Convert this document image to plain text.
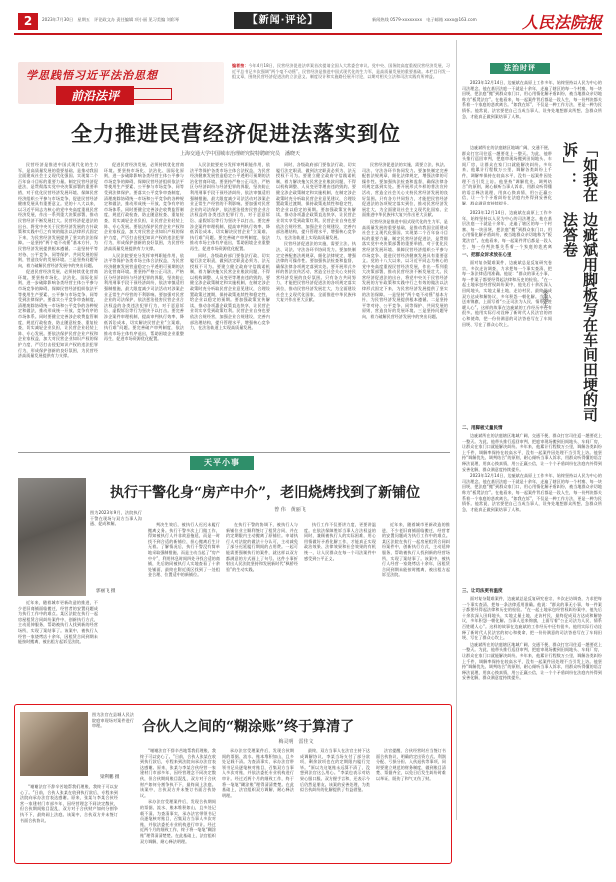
2	2023年7月30日　星期五　评论政文办 责任编辑 项小丽 见习美编 刘彩琴	【新闻·评论】	新闻热线 0579-xxxxxxxx　电子邮箱 xxxx@163.com	人民法院报
学思践悟习近平法治思想
前沿法评
编者按：今年4月18日，民营经济促进法草案首次提请全国人大常委会审议。党中央、国务院高度重视民营经济发展，习近平总书记多次强调“两个毫不动摇”。民营经济是推进中国式现代化的生力军，是高质量发展的重要基础。本栏目刊发一组文章，围绕民营经济促进法的立法意义、制度设计和实施路径展开讨论，以期对相关立法和司法实践有所裨益。
全力推进民营经济促进法落实到位
上海交通大学中国城市治理研究院特聘研究员　潘晓天

民营经济是推进中国式现代化的生力军，是高质量发展的重要基础，是推动我国全面建成社会主义现代化强国、实现第二个百年奋斗目标的重要力量。制定民营经济促进法，是贯彻落实党中央决策部署的重要举措，对于优化民营经济发展环境、保障民营经济组织公平参与市场竞争、促进民营经济健康发展具有重要意义。党的十八大以来，以习近平同志为核心的党中央高度重视民营经济发展，作出一系列重大决策部署，推动民营经济不断发展壮大。民营经济促进法的出台，将党中央关于民营经济发展的方针政策和实践中行之有效的做法以法律形式固定下来，为民营经济发展提供了坚实的法治保障。一是坚持“两个毫不动摇”基本方针，为民营经济发展提供根本遵循。二是坚持平等对待、公平竞争、同等保护、共同发展的原则，营造良好的发展环境。三是坚持问题导向，着力破解民营经济发展中的突出问题。

促进民营经济发展，必须持续优化营商环境。要坚持市场化、法治化、国际化原则，进一步破除影响各类经营主体公平参与市场竞争的障碍，保障民营经济组织依法平等使用生产要素、公平参与市场竞争、同等受到法律保护。要落实公平竞争审查制度，清理废除妨碍统一市场和公平竞争的各种规定和做法，推动形成统一开放、竞争有序的市场体系。同时要健全完善涉企收费监管制度，规范行政检查，防止随意检查、重复检查，切实减轻企业负担，让民营企业轻装上阵、专心发展。要依法保护民营企业产权和企业家权益，加大对民营企业知识产权的保护力度，严厉打击侵犯知识产权的违法犯罪行为，形成保护创新的良好氛围，为民营经济高质量发展提供有力支撑。

促进民营经济发展，必须持续优化营商环境。要坚持市场化、法治化、国际化原则，进一步破除影响各类经营主体公平参与市场竞争的障碍，保障民营经济组织依法平等使用生产要素、公平参与市场竞争、同等受到法律保护。要落实公平竞争审查制度，清理废除妨碍统一市场和公平竞争的各种规定和做法，推动形成统一开放、竞争有序的市场体系。同时要健全完善涉企收费监管制度，规范行政检查，防止随意检查、重复检查，切实减轻企业负担，让民营企业轻装上阵、专心发展。要依法保护民营企业产权和企业家权益，加大对民营企业知识产权的保护力度，严厉打击侵犯知识产权的违法犯罪行为，形成保护创新的良好氛围，为民营经济高质量发展提供有力支撑。

人民法院要充分发挥审判职能作用，依法平等保护各类市场主体合法权益，为民营经济健康发展营造稳定公平透明可预期的法治化营商环境。要坚持严格公正司法，严格区分经济纠纷与经济犯罪的界限，坚决防止利用刑事手段干预经济纠纷，依法审慎适用强制措施，最大限度减少司法活动对涉案企业正常生产经营的不利影响。要加强对民营企业的司法保护，依法惩治侵害民营企业合法权益的各类违法犯罪行为，对于恶意诉讼、虚假诉讼等行为坚决予以打击。要完善涉企案件审理机制，提高审判执行效率，降低诉讼成本，切实解决民营企业“立案难、执行难”问题。要完善破产审判制度，依法推动市场主体有序退出，帮助困境企业重整再生，促进市场资源优化配置。

人民法院要充分发挥审判职能作用，依法平等保护各类市场主体合法权益，为民营经济健康发展营造稳定公平透明可预期的法治化营商环境。要坚持严格公正司法，严格区分经济纠纷与经济犯罪的界限，坚决防止利用刑事手段干预经济纠纷，依法审慎适用强制措施，最大限度减少司法活动对涉案企业正常生产经营的不利影响。要加强对民营企业的司法保护，依法惩治侵害民营企业合法权益的各类违法犯罪行为，对于恶意诉讼、虚假诉讼等行为坚决予以打击。要完善涉企案件审理机制，提高审判执行效率，降低诉讼成本，切实解决民营企业“立案难、执行难”问题。要完善破产审判制度，依法推动市场主体有序退出，帮助困境企业重整再生，促进市场资源优化配置。

同时，各级政府部门要依法行政，切实履行法定职责，做到法定职责必须为、法无授权不可为。要建立健全政府守信践诺机制，着力解决拖欠民营企业账款问题，不得以机构调整、人员变更等理由违约毁约。要健全涉企政策制定和实施机制，在制定涉企政策时充分听取民营企业意见建议，合理设置政策过渡期，保持政策连续性和稳定性，给企业以稳定的预期。要加强政策宣传解读，推动各项惠企政策直达快享，让民营企业切实享受到政策红利。民营企业自身也要依法合规经营，加强企业合规建设，完善内部治理结构，提升管理水平，增强核心竞争力，在法治轨道上实现高质量发展。

同时，各级政府部门要依法行政，切实履行法定职责，做到法定职责必须为、法无授权不可为。要建立健全政府守信践诺机制，着力解决拖欠民营企业账款问题，不得以机构调整、人员变更等理由违约毁约。要健全涉企政策制定和实施机制，在制定涉企政策时充分听取民营企业意见建议，合理设置政策过渡期，保持政策连续性和稳定性，给企业以稳定的预期。要加强政策宣传解读，推动各项惠企政策直达快享，让民营企业切实享受到政策红利。民营企业自身也要依法合规经营，加强企业合规建设，完善内部治理结构，提升管理水平，增强核心竞争力，在法治轨道上实现高质量发展。

民营经济促进法的实施，需要立法、执法、司法、守法各环节协同发力。要加快制定完善配套法规规章，细化法律规定，增强法律的可操作性。要加强执法检查和监督，确保法律各项规定落到实处。要开展形式多样的普法宣传活动，营造全社会关心支持民营经济发展的良好氛围。只有各方共同努力，才能把民营经济促进法的各项规定落实到位，推动民营经济发展壮大，为全面建设社会主义现代化国家、全面推进中华民族伟大复兴作出更大贡献。

民营经济促进法的实施，需要立法、执法、司法、守法各环节协同发力。要加快制定完善配套法规规章，细化法律规定，增强法律的可操作性。要加强执法检查和监督，确保法律各项规定落到实处。要开展形式多样的普法宣传活动，营造全社会关心支持民营经济发展的良好氛围。只有各方共同努力，才能把民营经济促进法的各项规定落实到位，推动民营经济发展壮大，为全面建设社会主义现代化国家、全面推进中华民族伟大复兴作出更大贡献。

民营经济是推进中国式现代化的生力军，是高质量发展的重要基础，是推动我国全面建成社会主义现代化强国、实现第二个百年奋斗目标的重要力量。制定民营经济促进法，是贯彻落实党中央决策部署的重要举措，对于优化民营经济发展环境、保障民营经济组织公平参与市场竞争、促进民营经济健康发展具有重要意义。党的十八大以来，以习近平同志为核心的党中央高度重视民营经济发展，作出一系列重大决策部署，推动民营经济不断发展壮大。民营经济促进法的出台，将党中央关于民营经济发展的方针政策和实践中行之有效的做法以法律形式固定下来，为民营经济发展提供了坚实的法治保障。一是坚持“两个毫不动摇”基本方针，为民营经济发展提供根本遵循。二是坚持平等对待、公平竞争、同等保护、共同发展的原则，营造良好的发展环境。三是坚持问题导向，着力破解民营经济发展中的突出问题。

法治时评

2023年12月14日，边疵斌在高原上工作多年，始终坚持以人民为中心的司法理念。他在基层法庭一干就是十余年，走遍了辖区的每一个村寨、每一块田埂，把法庭“搬”到群众家门口，用心用情化解矛盾纠纷，被当地群众亲切地称为“板凳法官”。在他看来，每一起案件背后都是一段人生，每一份判决都关系着一个家庭的悲欢离合。“如我在诉”，不仅是一种工作方法，更是一种为民情怀。他常说，法官要把自己当成当事人，设身处地想群众所想、急群众所急，才能真正做到案结事了人和。

「如我在诉」：
边疵斌用脚板写在车间田埂的司法答卷
梁丽生

边疵斌所在的法庭辖区地域广阔，交通不便，群众打官司往返一趟要花上一整天。为此，他带头推行巡回审判，把庭审现场搬到田间地头、车间厂房，让群众在家门口就能解决纠纷。多年来，他累计行程数万公里，调解各类纠纷上千件，调解率保持在较高水平，没有一起案件因处理不当引发上访。他坚持“调解优先、调判结合”的原则，耐心倾听当事人诉求，用群众听得懂的语言释法说理，用真心换真情，用公正赢公信，让一个个矛盾纠纷在法庭内外得到妥善化解，群众满意度持续提升。

2023年12月14日，边疵斌在高原上工作多年，始终坚持以人民为中心的司法理念。他在基层法庭一干就是十余年，走遍了辖区的每一个村寨、每一块田埂，把法庭“搬”到群众家门口，用心用情化解矛盾纠纷，被当地群众亲切地称为“板凳法官”。在他看来，每一起案件背后都是一段人生，每一份判决都关系着一个家庭的悲欢离

一、把群众诉求放在心里

面对复杂疑难案件，边疵斌总是反复研究卷宗，多次走访调查，力求把每一个事实查清、把每一条法律适用准确。他说：“群众的事无小事，每一件案子都要经得起法律和历史的检验。”在一起土地承包经营权纠纷案中，他先后十余次深入田间地头，实地丈量土地，走访村民，最终促成双方达成和解协议，多年积怨一朝化解。当事人送来锦旗，上面写着“公正司法为人民，情系百姓暖人心”。这样的故事在边疵斌的工作经历中还有很多。他用实际行动诠释了新时代人民法官的初心和使命，把一份份满意的司法答卷写在了车间田埂、写在了群众心坎上。

二、用脚板丈量民情

边疵斌所在的法庭辖区地域广阔，交通不便，群众打官司往返一趟要花上一整天。为此，他带头推行巡回审判，把庭审现场搬到田间地头、车间厂房，让群众在家门口就能解决纠纷。多年来，他累计行程数万公里，调解各类纠纷上千件，调解率保持在较高水平，没有一起案件因处理不当引发上访。他坚持“调解优先、调判结合”的原则，耐心倾听当事人诉求，用群众听得懂的语言释法说理，用真心换真情，用公正赢公信，让一个个矛盾纠纷在法庭内外得到妥善化解，群众满意度持续提升。

2023年12月14日，边疵斌在高原上工作多年，始终坚持以人民为中心的司法理念。他在基层法庭一干就是十余年，走遍了辖区的每一个村寨、每一块田埂，把法庭“搬”到群众家门口，用心用情化解矛盾纠纷，被当地群众亲切地称为“板凳法官”。在他看来，每一起案件背后都是一段人生，每一份判决都关系着一个家庭的悲欢离合。“如我在诉”，不仅是一种工作方法，更是一种为民情怀。他常说，法官要把自己当成当事人，设身处地想群众所想、急群众所急，才能真正做到案结事了人和。

三、让司法更有温度

面对复杂疑难案件，边疵斌总是反复研究卷宗，多次走访调查，力求把每一个事实查清、把每一条法律适用准确。他说：“群众的事无小事，每一件案子都要经得起法律和历史的检验。”在一起土地承包经营权纠纷案中，他先后十余次深入田间地头，实地丈量土地，走访村民，最终促成双方达成和解协议，多年积怨一朝化解。当事人送来锦旗，上面写着“公正司法为人民，情系百姓暖人心”。这样的故事在边疵斌的工作经历中还有很多。他用实际行动诠释了新时代人民法官的初心和使命，把一份份满意的司法答卷写在了车间田埂、写在了群众心坎上。

边疵斌所在的法庭辖区地域广阔，交通不便，群众打官司往返一趟要花上一整天。为此，他带头推行巡回审判，把庭审现场搬到田间地头、车间厂房，让群众在家门口就能解决纠纷。多年来，他累计行程数万公里，调解各类纠纷上千件，调解率保持在较高水平，没有一起案件因处理不当引发上访。他坚持“调解优先、调判结合”的原则，耐心倾听当事人诉求，用群众听得懂的语言释法说理，用真心换真情，用公正赢公信，让一个个矛盾纠纷在法庭内外得到妥善化解，群众满意度持续提升。

天平小事
执行干警化身“房产中介”，老旧烧烤找到了新铺位
曾 伟　黄丽飞
图为2023年9月，法院执行干警在现场与双方当事人沟通、促成和解。
郭丽飞 摄

近年来，随着城市更新改造的推进，不少老旧商铺面临搬迁，经营者的安置问题成为执行工作中的难点。某区法院在执行一起房屋租赁合同纠纷案件中，创新执行方式，主动延伸服务，帮助被执行人找到新的经营场所，实现了案结事了。该案中，被执行人经营一家烧烤店十余年，因租赁合同到期未能按时搬离，被出租方起诉至法院。

判决生效后，被执行人迟迟未履行搬离义务。执行干警多次上门做工作，得知被执行人并非故意拖延，而是一时找不到合适的新铺位，担心搬离后生计无着。了解情况后，执行干警没有简单地采取强制措施，而是主动当起了“房产中介”，利用休息时间四处寻找合适的商铺，先后陪同被执行人实地查看了十余处铺面，最终在附近街区找到了一处租金合理、位置适中的新铺位。

在执行干警的协调下，被执行人与新铺位业主顺利签订了租赁合同，并在约定期限内主动搬离了原铺位。申请执行人对法院的做法十分认可，主动减免了部分迟延履行期间的占用费。一起可能需要强制执行的案件，就这样以双方都满意的方式画上了句号。这件小事折射出人民法院坚持和发展新时代“枫桥经验”的生动实践。

执行工作不仅要讲力度，更要讲温度。在依法保障胜诉当事人合法权益的同时，兼顾被执行人的实际困难，用心用情做好矛盾化解工作，才能真正实现政治效果、法律效果和社会效果的有机统一，让人民群众在每一个司法案件中感受到公平正义。

近年来，随着城市更新改造的推进，不少老旧商铺面临搬迁，经营者的安置问题成为执行工作中的难点。某区法院在执行一起房屋租赁合同纠纷案件中，创新执行方式，主动延伸服务，帮助被执行人找到新的经营场所，实现了案结事了。该案中，被执行人经营一家烧烤店十余年，因租赁合同到期未能按时搬离，被出租方起诉至法院。

合伙人之间的“糊涂账”终于算清了
梅灵明　雷佳文
图为法官在县城人民法院庭审现场对案件进行审理。
梁利鹏 摄

“谢谢法官不辞辛苦地帮我们理账，我终于可以安心了。”日前，合伙人张某在收到执行款后，专程来到法院向承办法官表达感谢。原来，张某与李某合伙经营一家建材门市部多年，因经营理念不同决定散伙，但合伙期间账目混乱，双方对于合伙财产如何分割争执不下，最终闹上法庭。该案中，合伙双方并未签订书面合伙协议。

“谢谢法官不辞辛苦地帮我们理账，我终于可以安心了。”日前，合伙人张某在收到执行款后，专程来到法院向承办法官表达感谢。原来，张某与李某合伙经营一家建材门市部多年，因经营理念不同决定散伙，但合伙期间账目混乱，双方对于合伙财产如何分割争执不下，最终闹上法庭。该案中，合伙双方并未签订书面合伙协议。

承办法官受理案件后，发现合伙期间的票据、流水、账本堆积如山，且多处记载不清。为查清事实，承办法官带领书记员逐笔核对账目，召集双方当事人多次对账，并依法委托专业机构进行审计。经过近两个月的细致工作，终于将一笔笔“糊涂账”理得清清楚楚。在此基础上，法官组织双方调解，耐心释法明理。

承办法官受理案件后，发现合伙期间的票据、流水、账本堆积如山，且多处记载不清。为查清事实，承办法官带领书记员逐笔核对账目，召集双方当事人多次对账，并依法委托专业机构进行审计。经过近两个月的细致工作，终于将一笔笔“糊涂账”理得清清楚楚。在此基础上，法官组织双方调解，耐心释法明理。

最终，双方当事人在法官主持下达成调解协议，李某当场支付了部分款项，剩余款项也在约定期限内履行完毕。“原以为这笔账永远算不清了，没想到法官这么用心。”李某也表示对结果心服口服。双方握手言和，还表示今后仍然是朋友。该案的妥善处理，为类似合伙纠纷的化解提供了有益借鉴。

法官提醒，合伙经营时应当签订书面合伙协议，明确约定出资方式、利润分配、亏损分担、入伙退伙等事项，同时要建立规范的财务制度，做到账目清楚、票据齐全，以免日后发生纠纷时难以举证，既伤了和气又伤了财。
